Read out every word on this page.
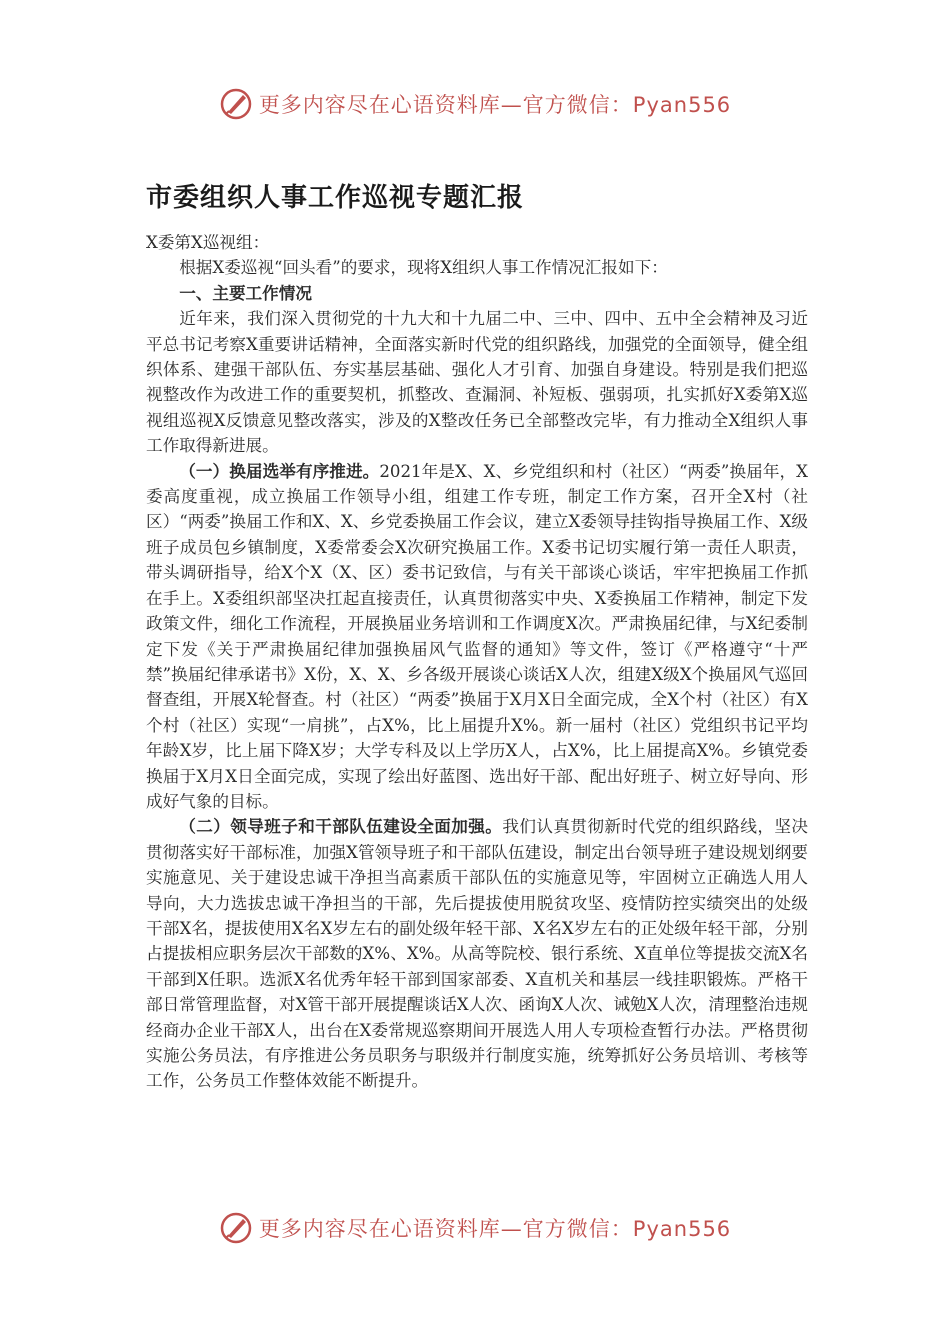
更多内容尽在心语资料库—官方微信：Pyan556
市委组织人事工作巡视专题汇报

X委第X巡视组：

根据X委巡视“回头看”的要求，现将X组织人事工作情况汇报如下：

一、主要工作情况

近年来，我们深入贯彻党的十九大和十九届二中、三中、四中、五中全会精神及习近平总书记考察X重要讲话精神，全面落实新时代党的组织路线，加强党的全面领导，健全组织体系、建强干部队伍、夯实基层基础、强化人才引育、加强自身建设。特别是我们把巡视整改作为改进工作的重要契机，抓整改、查漏洞、补短板、强弱项，扎实抓好X委第X巡视组巡视X反馈意见整改落实，涉及的X整改任务已全部整改完毕，有力推动全X组织人事工作取得新进展。

（一）换届选举有序推进。2021年是X、X、乡党组织和村（社区）“两委”换届年，X委高度重视，成立换届工作领导小组，组建工作专班，制定工作方案，召开全X村（社区）“两委”换届工作和X、X、乡党委换届工作会议，建立X委领导挂钩指导换届工作、X级班子成员包乡镇制度，X委常委会X次研究换届工作。X委书记切实履行第一责任人职责，带头调研指导，给X个X（X、区）委书记致信，与有关干部谈心谈话，牢牢把换届工作抓在手上。X委组织部坚决扛起直接责任，认真贯彻落实中央、X委换届工作精神，制定下发政策文件，细化工作流程，开展换届业务培训和工作调度X次。严肃换届纪律，与X纪委制定下发《关于严肃换届纪律加强换届风气监督的通知》等文件，签订《严格遵守“十严禁”换届纪律承诺书》X份，X、X、乡各级开展谈心谈话X人次，组建X级X个换届风气巡回督查组，开展X轮督查。村（社区）“两委”换届于X月X日全面完成，全X个村（社区）有X个村（社区）实现“一肩挑”，占X%，比上届提升X%。新一届村（社区）党组织书记平均年龄X岁，比上届下降X岁；大学专科及以上学历X人，占X%，比上届提高X%。乡镇党委换届于X月X日全面完成，实现了绘出好蓝图、选出好干部、配出好班子、树立好导向、形成好气象的目标。

（二）领导班子和干部队伍建设全面加强。我们认真贯彻新时代党的组织路线，坚决贯彻落实好干部标准，加强X管领导班子和干部队伍建设，制定出台领导班子建设规划纲要实施意见、关于建设忠诚干净担当高素质干部队伍的实施意见等，牢固树立正确选人用人导向，大力选拔忠诚干净担当的干部，先后提拔使用脱贫攻坚、疫情防控实绩突出的处级干部X名，提拔使用X名X岁左右的副处级年轻干部、X名X岁左右的正处级年轻干部，分别占提拔相应职务层次干部数的X%、X%。从高等院校、银行系统、X直单位等提拔交流X名干部到X任职。选派X名优秀年轻干部到国家部委、X直机关和基层一线挂职锻炼。严格干部日常管理监督，对X管干部开展提醒谈话X人次、函询X人次、诫勉X人次，清理整治违规经商办企业干部X人，出台在X委常规巡察期间开展选人用人专项检查暂行办法。严格贯彻实施公务员法，有序推进公务员职务与职级并行制度实施，统筹抓好公务员培训、考核等工作，公务员工作整体效能不断提升。

更多内容尽在心语资料库—官方微信：Pyan556
